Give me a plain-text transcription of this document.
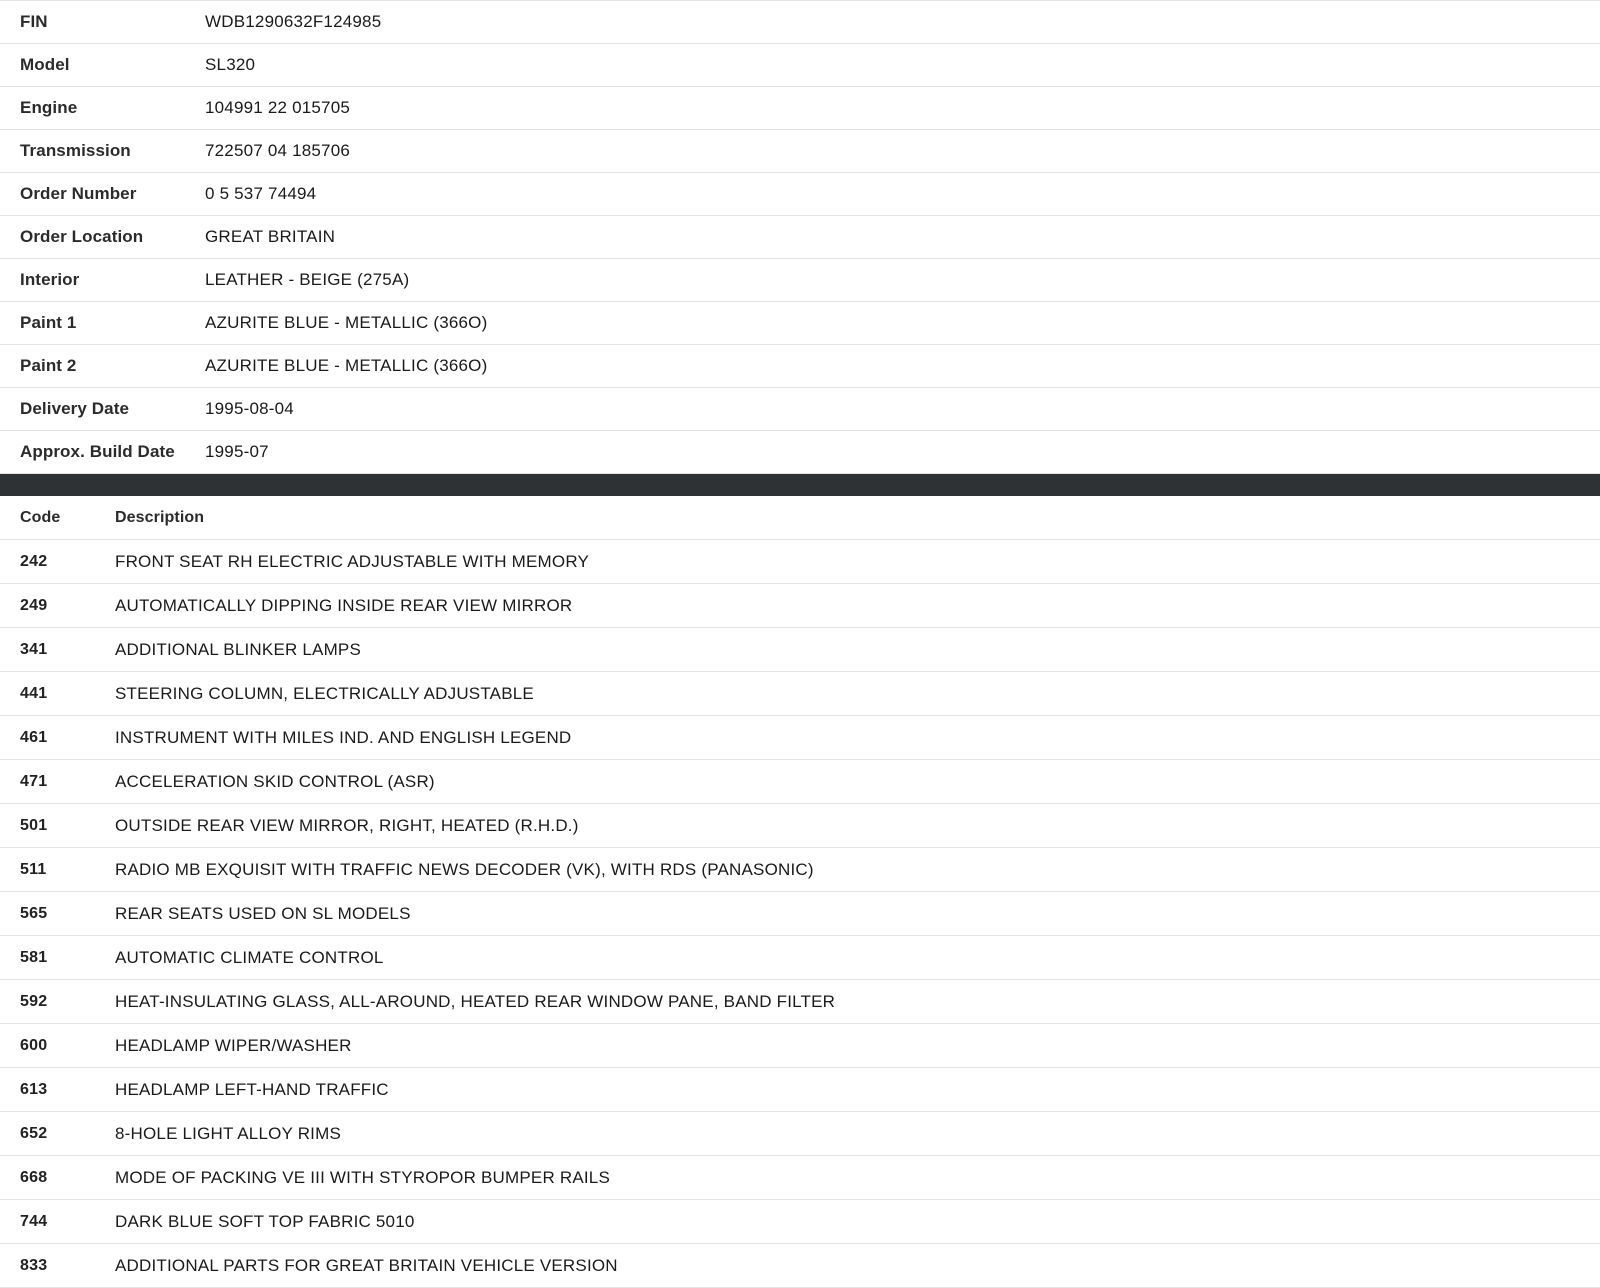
FIN	WDB1290632F124985
Model	SL320
Engine	104991 22 015705
Transmission	722507 04 185706
Order Number	0 5 537 74494
Order Location	GREAT BRITAIN
Interior	LEATHER - BEIGE (275A)
Paint 1	AZURITE BLUE - METALLIC (366O)
Paint 2	AZURITE BLUE - METALLIC (366O)
Delivery Date	1995-08-04
Approx. Build Date	1995-07
Code	Description
242	FRONT SEAT RH ELECTRIC ADJUSTABLE WITH MEMORY
249	AUTOMATICALLY DIPPING INSIDE REAR VIEW MIRROR
341	ADDITIONAL BLINKER LAMPS
441	STEERING COLUMN, ELECTRICALLY ADJUSTABLE
461	INSTRUMENT WITH MILES IND. AND ENGLISH LEGEND
471	ACCELERATION SKID CONTROL (ASR)
501	OUTSIDE REAR VIEW MIRROR, RIGHT, HEATED (R.H.D.)
511	RADIO MB EXQUISIT WITH TRAFFIC NEWS DECODER (VK), WITH RDS (PANASONIC)
565	REAR SEATS USED ON SL MODELS
581	AUTOMATIC CLIMATE CONTROL
592	HEAT-INSULATING GLASS, ALL-AROUND, HEATED REAR WINDOW PANE, BAND FILTER
600	HEADLAMP WIPER/WASHER
613	HEADLAMP LEFT-HAND TRAFFIC
652	8-HOLE LIGHT ALLOY RIMS
668	MODE OF PACKING VE III WITH STYROPOR BUMPER RAILS
744	DARK BLUE SOFT TOP FABRIC 5010
833	ADDITIONAL PARTS FOR GREAT BRITAIN VEHICLE VERSION
